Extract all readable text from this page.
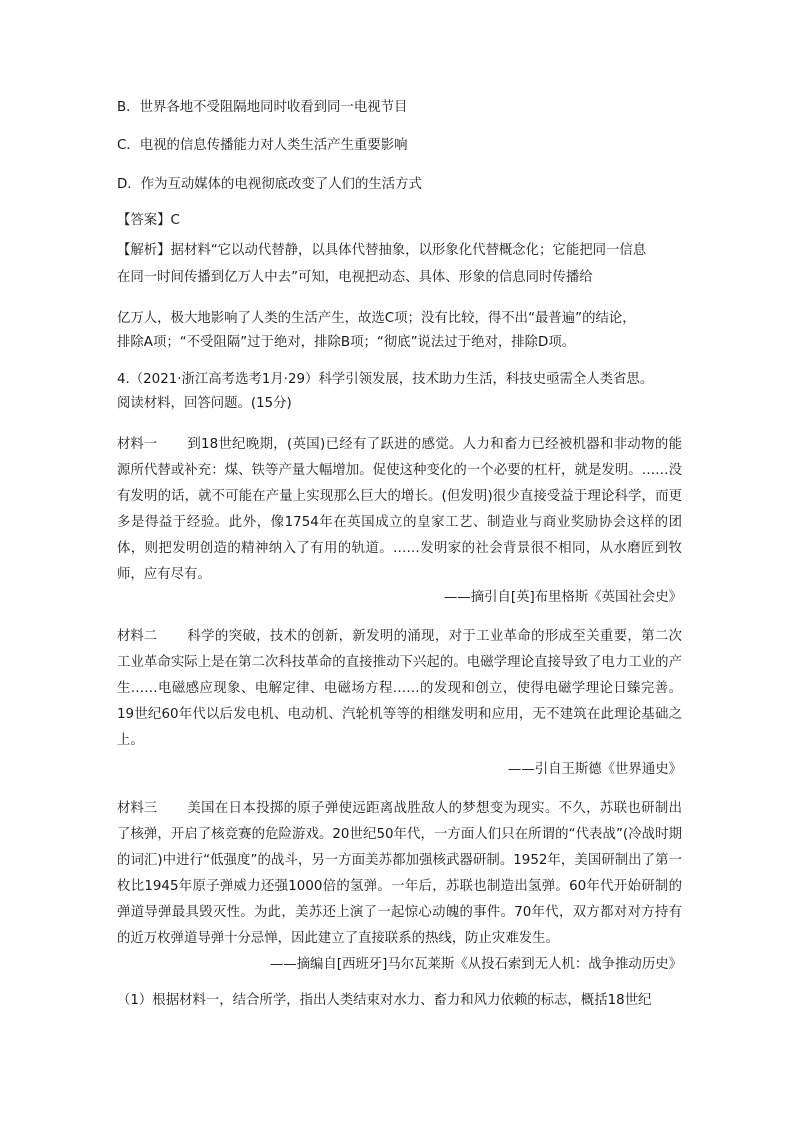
B．世界各地不受阻隔地同时收看到同一电视节目
C．电视的信息传播能力对人类生活产生重要影响
D．作为互动媒体的电视彻底改变了人们的生活方式
【答案】C
【解析】据材料“它以动代替静，以具体代替抽象，以形象化代替概念化；它能把同一信息
在同一时间传播到亿万人中去”可知，电视把动态、具体、形象的信息同时传播给
亿万人，极大地影响了人类的生活产生，故选C项；没有比较，得不出“最普遍”的结论，
排除A项；“不受阻隔”过于绝对，排除B项；“彻底”说法过于绝对，排除D项。
4.（2021·浙江高考选考1月·29）科学引领发展，技术助力生活，科技史亟需全人类省思。
阅读材料，回答问题。(15分)
材料一 到18世纪晚期，(英国)已经有了跃进的感觉。人力和畜力已经被机器和非动物的能源所代替或补充：煤、铁等产量大幅增加。促使这种变化的一个必要的杠杆，就是发明。……没有发明的话，就不可能在产量上实现那么巨大的增长。(但发明)很少直接受益于理论科学，而更多是得益于经验。此外，像1754年在英国成立的皇家工艺、制造业与商业奖励协会这样的团体，则把发明创造的精神纳入了有用的轨道。……发明家的社会背景很不相同，从水磨匠到牧师，应有尽有。
——摘引自[英]布里格斯《英国社会史》
材料二 科学的突破，技术的创新，新发明的涌现，对于工业革命的形成至关重要，第二次工业革命实际上是在第二次科技革命的直接推动下兴起的。电磁学理论直接导致了电力工业的产生……电磁感应现象、电解定律、电磁场方程……的发现和创立，使得电磁学理论日臻完善。19世纪60年代以后发电机、电动机、汽轮机等等的相继发明和应用，无不建筑在此理论基础之上。
——引自王斯德《世界通史》
材料三 美国在日本投掷的原子弹使远距离战胜敌人的梦想变为现实。不久，苏联也研制出了核弹，开启了核竞赛的危险游戏。20世纪50年代，一方面人们只在所谓的“代表战”(冷战时期的词汇)中进行“低强度”的战斗，另一方面美苏都加强核武器研制。1952年，美国研制出了第一枚比1945年原子弹威力还强1000倍的氢弹。一年后，苏联也制造出氢弹。60年代开始研制的弹道导弹最具毁灭性。为此，美苏还上演了一起惊心动魄的事件。70年代，双方都对对方持有的近万枚弹道导弹十分忌惮，因此建立了直接联系的热线，防止灾难发生。
——摘编自[西班牙]马尔瓦莱斯《从投石索到无人机：战争推动历史》
（1）根据材料一，结合所学，指出人类结束对水力、畜力和风力依赖的标志，概括18世纪
